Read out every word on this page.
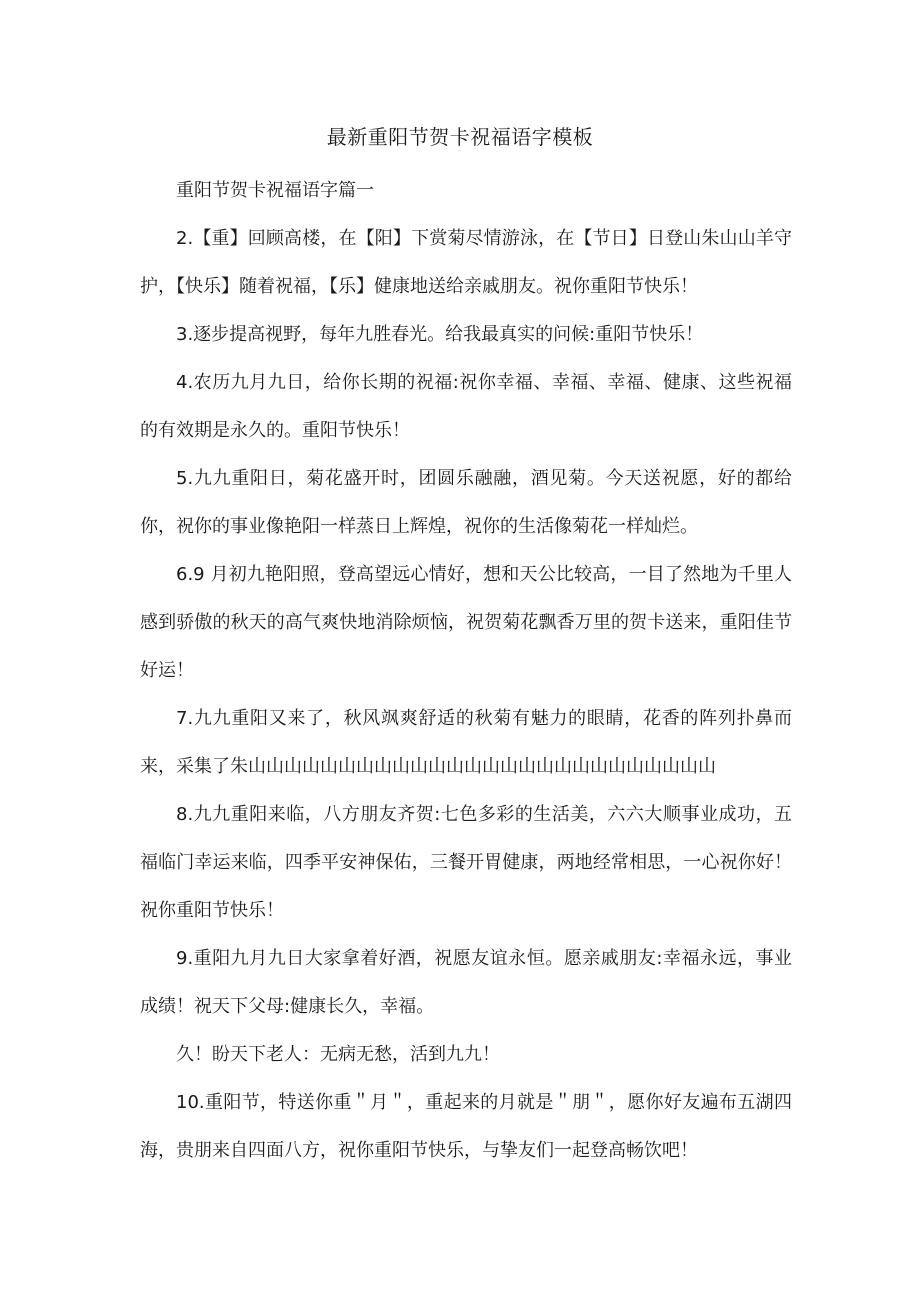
最新重阳节贺卡祝福语字模板

重阳节贺卡祝福语字篇一

2.【重】回顾高楼，在【阳】下赏菊尽情游泳，在【节日】日登山朱山山羊守护，【快乐】随着祝福，【乐】健康地送给亲戚朋友。祝你重阳节快乐！

3.逐步提高视野，每年九胜春光。给我最真实的问候:重阳节快乐！

4.农历九月九日，给你长期的祝福:祝你幸福、幸福、幸福、健康、这些祝福的有效期是永久的。重阳节快乐！

5.九九重阳日，菊花盛开时，团圆乐融融，酒见菊。今天送祝愿，好的都给你，祝你的事业像艳阳一样蒸日上辉煌，祝你的生活像菊花一样灿烂。

6.9 月初九艳阳照，登高望远心情好，想和天公比较高，一目了然地为千里人感到骄傲的秋天的高气爽快地消除烦恼，祝贺菊花飘香万里的贺卡送来，重阳佳节好运！

7.九九重阳又来了，秋风飒爽舒适的秋菊有魅力的眼睛，花香的阵列扑鼻而来，采集了朱山山山山山山山山山山山山山山山山山山山山山山山山山山

8.九九重阳来临，八方朋友齐贺:七色多彩的生活美，六六大顺事业成功，五福临门幸运来临，四季平安神保佑，三餐开胃健康，两地经常相思，一心祝你好！祝你重阳节快乐！

9.重阳九月九日大家拿着好酒，祝愿友谊永恒。愿亲戚朋友:幸福永远，事业成绩！祝天下父母:健康长久，幸福。

久！盼天下老人：无病无愁，活到九九！

10.重阳节，特送你重＂月＂，重起来的月就是＂朋＂，愿你好友遍布五湖四海，贵朋来自四面八方，祝你重阳节快乐，与挚友们一起登高畅饮吧！
